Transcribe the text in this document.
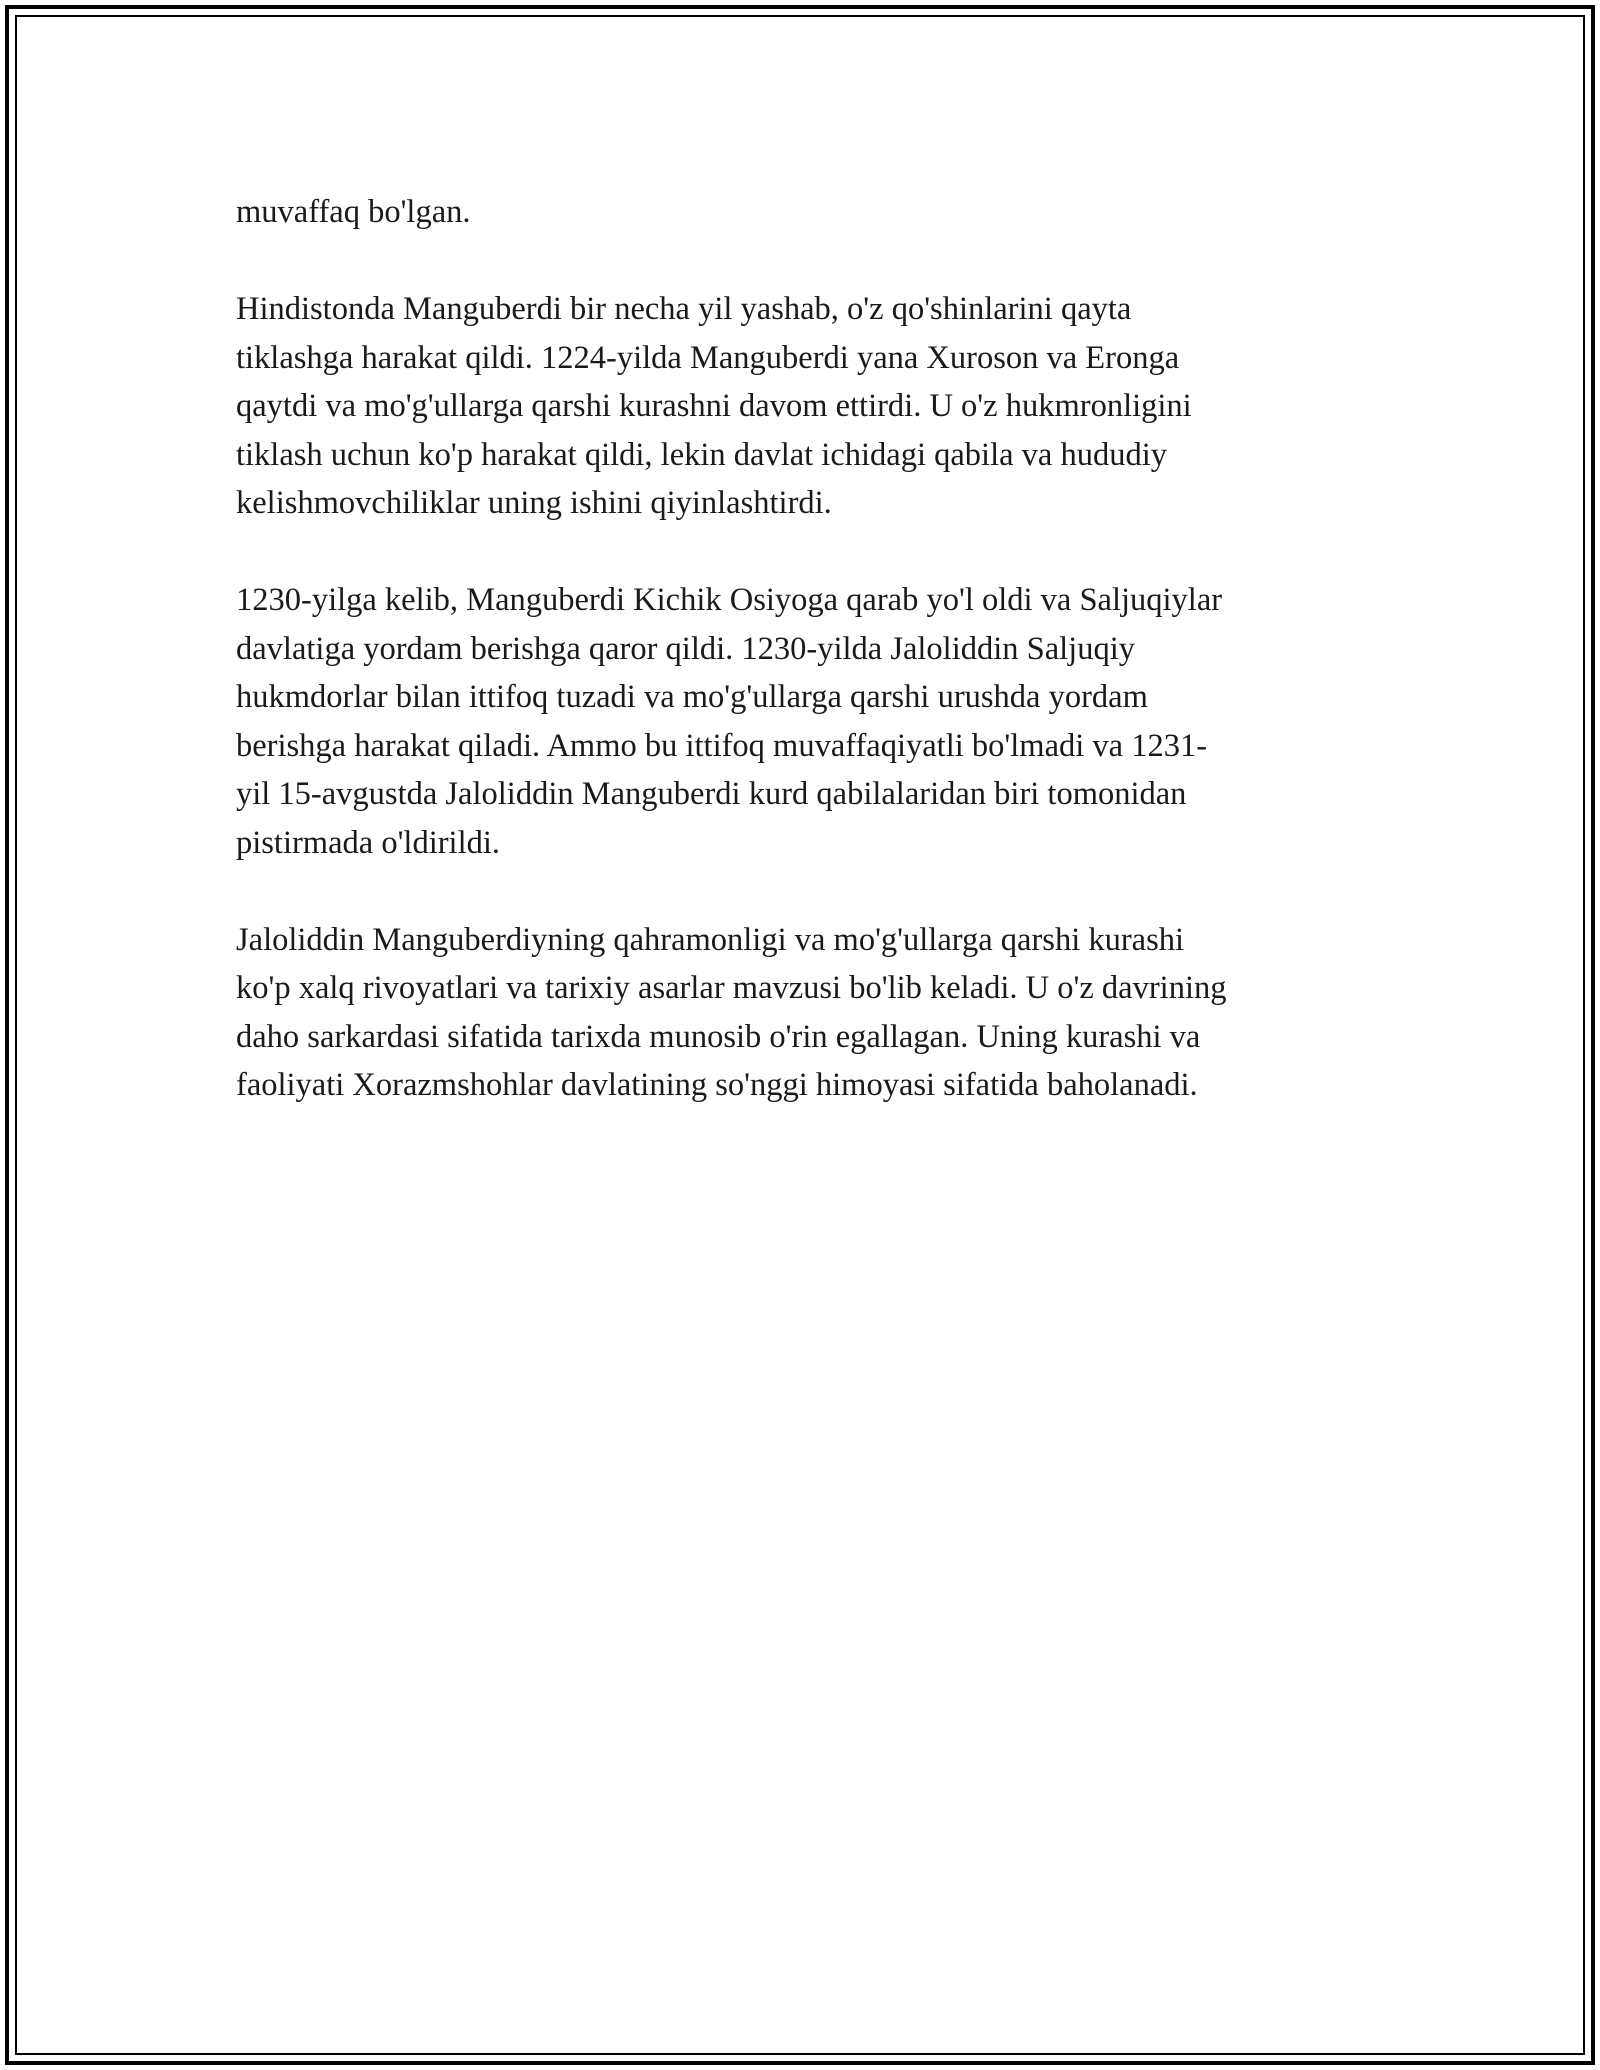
muvaffaq bo'lgan.

Hindistonda Manguberdi bir necha yil yashab, o'z qo'shinlarini qayta
tiklashga harakat qildi. 1224-yilda Manguberdi yana Xuroson va Eronga
qaytdi va mo'g'ullarga qarshi kurashni davom ettirdi. U o'z hukmronligini
tiklash uchun ko'p harakat qildi, lekin davlat ichidagi qabila va hududiy
kelishmovchiliklar uning ishini qiyinlashtirdi.

1230-yilga kelib, Manguberdi Kichik Osiyoga qarab yo'l oldi va Saljuqiylar
davlatiga yordam berishga qaror qildi. 1230-yilda Jaloliddin Saljuqiy
hukmdorlar bilan ittifoq tuzadi va mo'g'ullarga qarshi urushda yordam
berishga harakat qiladi. Ammo bu ittifoq muvaffaqiyatli bo'lmadi va 1231-
yil 15-avgustda Jaloliddin Manguberdi kurd qabilalaridan biri tomonidan
pistirmada o'ldirildi.

Jaloliddin Manguberdiyning qahramonligi va mo'g'ullarga qarshi kurashi
ko'p xalq rivoyatlari va tarixiy asarlar mavzusi bo'lib keladi. U o'z davrining
daho sarkardasi sifatida tarixda munosib o'rin egallagan. Uning kurashi va
faoliyati Xorazmshohlar davlatining so'nggi himoyasi sifatida baholanadi.
